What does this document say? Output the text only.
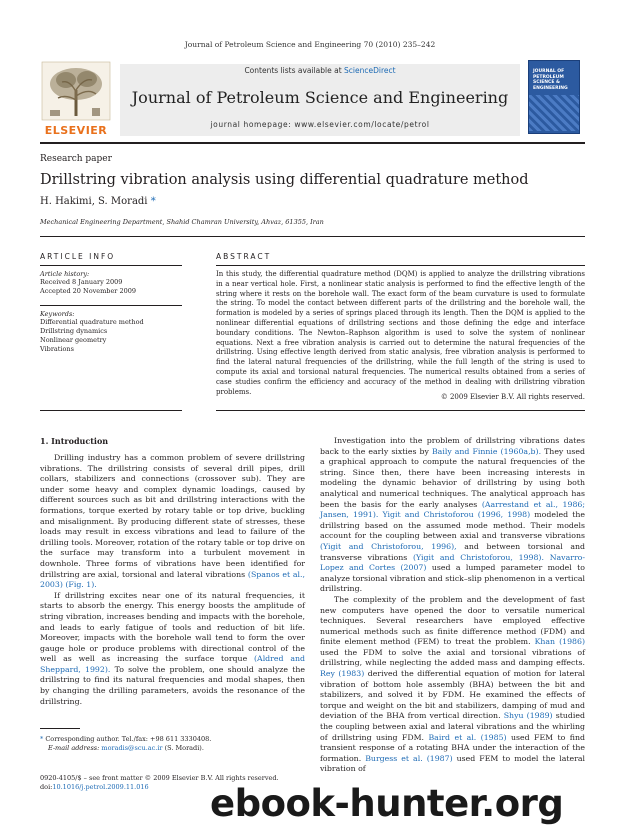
Journal of Petroleum Science and Engineering 70 (2010) 235–242
ELSEVIER
Contents lists available at ScienceDirect
Journal of Petroleum Science and Engineering
journal homepage: www.elsevier.com/locate/petrol
JOURNAL OF PETROLEUM SCIENCE & ENGINEERING
Research paper
Drillstring vibration analysis using differential quadrature method
H. Hakimi, S. Moradi *
Mechanical Engineering Department, Shahid Chamran University, Ahvaz, 61355, Iran
ARTICLE INFO
Article history:
Received 8 January 2009
Accepted 20 November 2009
Keywords:
Differential quadrature method
Drillstring dynamics
Nonlinear geometry
Vibrations
ABSTRACT

In this study, the differential quadrature method (DQM) is applied to analyze the drillstring vibrations in a near vertical hole. First, a nonlinear static analysis is performed to find the effective length of the string where it rests on the borehole wall. The exact form of the beam curvature is used to formulate the string. To model the contact between different parts of the drillstring and the borehole wall, the formation is modeled by a series of springs placed through its length. Then the DQM is applied to the nonlinear differential equations of drillstring sections and those defining the edge and interface boundary conditions. The Newton–Raphson algorithm is used to solve the system of nonlinear equations. Next a free vibration analysis is carried out to determine the natural frequencies of the drillstring. Using effective length derived from static analysis, free vibration analysis is performed to find the lateral natural frequencies of the drillstring, while the full length of the string is used to compute its axial and torsional natural frequencies. The numerical results obtained from a series of case studies confirm the efficiency and accuracy of the method in dealing with drillstring vibration problems.

© 2009 Elsevier B.V. All rights reserved.
1. Introduction

Drilling industry has a common problem of severe drillstring vibrations. The drillstring consists of several drill pipes, drill collars, stabilizers and connections (crossover sub). They are under some heavy and complex dynamic loadings, caused by different sources such as bit and drillstring interactions with the formations, torque exerted by rotary table or top drive, buckling and misalignment. By producing different state of stresses, these loads may result in excess vibrations and lead to failure of the drilling tools. Moreover, rotation of the rotary table or top drive on the surface may transform into a turbulent movement in downhole. Three forms of vibrations have been identified for drillstring are axial, torsional and lateral vibrations (Spanos et al., 2003) (Fig. 1).

If drillstring excites near one of its natural frequencies, it starts to absorb the energy. This energy boosts the amplitude of string vibration, increases bending and impacts with the borehole, and leads to early fatigue of tools and reduction of bit life. Moreover, impacts with the borehole wall tend to form the over gauge hole or produce problems with directional control of the well as well as increasing the surface torque (Aldred and Sheppard, 1992). To solve the problem, one should analyze the drillstring to find its natural frequencies and modal shapes, then by changing the drilling parameters, avoids the resonance of the drillstring.

Investigation into the problem of drillstring vibrations dates back to the early sixties by Baily and Finnie (1960a,b). They used a graphical approach to compute the natural frequencies of the string. Since then, there have been increasing interests in modeling the dynamic behavior of drillstring by using both analytical and numerical techniques. The analytical approach has been the basis for the early analyses (Aarrestand et al., 1986; Jansen, 1991). Yigit and Christoforou (1996, 1998) modeled the drillstring based on the assumed mode method. Their models account for the coupling between axial and transverse vibrations (Yigit and Christoforou, 1996), and between torsional and transverse vibrations (Yigit and Christoforou, 1998). Navarro-Lopez and Cortes (2007) used a lumped parameter model to analyze torsional vibration and stick–slip phenomenon in a vertical drillstring.

The complexity of the problem and the development of fast new computers have opened the door to versatile numerical techniques. Several researchers have employed effective numerical methods such as finite difference method (FDM) and finite element method (FEM) to treat the problem. Khan (1986) used the FDM to solve the axial and torsional vibrations of drillstring, while neglecting the added mass and damping effects. Rey (1983) derived the differential equation of motion for lateral vibration of bottom hole assembly (BHA) between the bit and stabilizers, and solved it by FDM. He examined the effects of torque and weight on the bit and stabilizers, damping of mud and deviation of the BHA from vertical direction. Shyu (1989) studied the coupling between axial and lateral vibrations and the whirling of drillstring using FDM. Baird et al. (1985) used FEM to find transient response of a rotating BHA under the interaction of the formation. Burgess et al. (1987) used FEM to model the lateral vibration of

* Corresponding author. Tel./fax: +98 611 3330408.
E-mail address: moradis@scu.ac.ir (S. Moradi).
0920-4105/$ – see front matter © 2009 Elsevier B.V. All rights reserved.
doi:10.1016/j.petrol.2009.11.016	ebook-hunter.org
